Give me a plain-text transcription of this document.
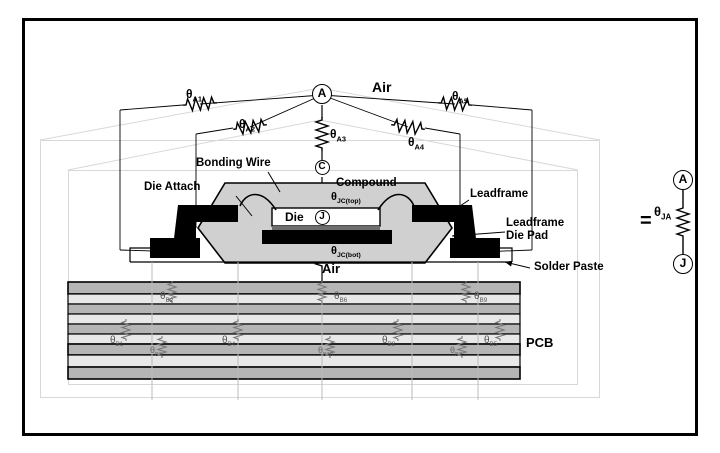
A
C
J
A
J
Air
Air
Bonding Wire
Die Attach	Compound
Leadframe
Leadframe
Die Pad
Die
Solder Paste
PCB
=
$\theta_{A1}$
$\theta_{A2}$	$\theta_{A3}$	$\theta_{A4}$
$\theta_{A5}$
$\theta_{JC(top)}$
$\theta_{JC(bot)}$
$\theta_{JA}$
$\theta_{B2}$	$\theta_{B6}$	$\theta_{B9}$
$\theta_{B1}$	$\theta_{B4}$	$\theta_{B8}$	$\theta_{B5}$
$\theta_{B3}$	$\theta_{B10}$	$\theta_{B7}$
